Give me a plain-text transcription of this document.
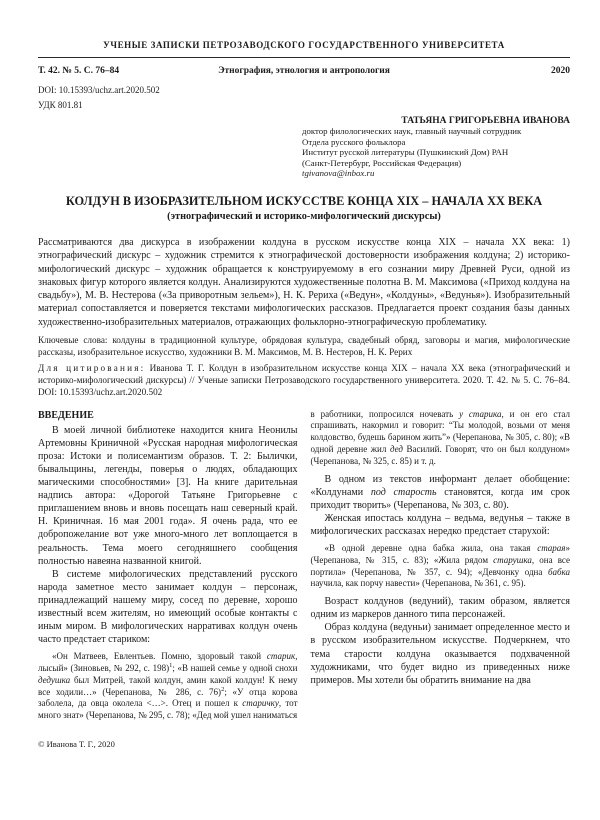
УЧЕНЫЕ ЗАПИСКИ ПЕТРОЗАВОДСКОГО ГОСУДАРСТВЕННОГО УНИВЕРСИТЕТА
Т. 42. № 5. С. 76–84	Этнография, этнология и антропология	2020
DOI: 10.15393/uchz.art.2020.502
УДК 801.81
ТАТЬЯНА ГРИГОРЬЕВНА ИВАНОВА
доктор филологических наук, главный научный сотрудник
Отдела русского фольклора
Институт русской литературы (Пушкинский Дом) РАН
(Санкт-Петербург, Российская Федерация)
tgivanova@inbox.ru
КОЛДУН В ИЗОБРАЗИТЕЛЬНОМ ИСКУССТВЕ КОНЦА XIX – НАЧАЛА XX ВЕКА
(этнографический и историко-мифологический дискурсы)
Рассматриваются два дискурса в изображении колдуна в русском искусстве конца XIX – начала XX века: 1) этнографический дискурс – художник стремится к этнографической достоверности изображения колдуна; 2) историко-мифологический дискурс – художник обращается к конструируемому в его сознании миру Древней Руси, одной из знаковых фигур которого является колдун. Анализируются художественные полотна В. М. Максимова («Приход колдуна на свадьбу»), М. В. Нестерова («За приворотным зельем»), Н. К. Рериха («Ведун», «Колдуны», «Ведунья»). Изобразительный материал сопоставляется и поверяется текстами мифологических рассказов. Предлагается проект создания базы данных художественно-изобразительных материалов, отражающих фольклорно-этнографическую проблематику.
Ключевые слова: колдуны в традиционной культуре, обрядовая культура, свадебный обряд, заговоры и магия, мифологические рассказы, изобразительное искусство, художники В. М. Максимов, М. В. Нестеров, Н. К. Рерих
Для цитирования: Иванова Т. Г. Колдун в изобразительном искусстве конца XIX – начала XX века (этнографический и историко-мифологический дискурсы) // Ученые записки Петрозаводского государственного университета. 2020. Т. 42. № 5. С. 76–84. DOI: 10.15393/uchz.art.2020.502
ВВЕДЕНИЕ

В моей личной библиотеке находится книга Неонилы Артемовны Криничной «Русская народная мифологическая проза: Истоки и полисемантизм образов. Т. 2: Былички, бывальщины, легенды, поверья о людях, обладающих магическими способностями» [3]. На книге дарительная надпись автора: «Дорогой Татьяне Григорьевне с приглашением вновь и вновь посещать наш северный край. Н. Криничная. 16 мая 2001 года». Я очень рада, что ее добропожелание вот уже много-много лет воплощается в реальность. Тема моего сегодняшнего сообщения полностью навеяна названной книгой.

В системе мифологических представлений русского народа заметное место занимает колдун – персонаж, принадлежащий нашему миру, сосед по деревне, хорошо известный всем жителям, но имеющий особые контакты с иным миром. В мифологических нарративах колдун очень часто предстает стариком:

«Он Матвеев, Евлентьев. Помню, здоровый такой старик, лысый» (Зиновьев, № 292, с. 198)$^1$; «В нашей семье у одной снохи дедушка был Митрей, такой колдун, амин какой колдун! К нему все ходили…» (Черепанова, № 286, с. 76)$^2$; «У отца корова заболела, да овца околела <…>. Отец и пошел к старичку, тот много знат» (Черепанова, № 295, с. 78); «Дед мой ушел наниматься

© Иванова Т. Г., 2020

в работники, попросился ночевать у старика, и он его стал спрашивать, накормил и говорит: “Ты молодой, возьми от меня колдовство, будешь барином жить”» (Черепанова, № 305, с. 80); «В одной деревне жил дед Василий. Говорят, что он был колдуном» (Черепанова, № 325, с. 85) и т. д.

В одном из текстов информант делает обобщение: «Колдунами под старость становятся, когда им срок приходит творить» (Черепанова, № 303, с. 80).

Женская ипостась колдуна – ведьма, ведунья – также в мифологических рассказах нередко предстает старухой:

«В одной деревне одна бабка жила, она такая старая» (Черепанова, № 315, с. 83); «Жила рядом старушка, она все портила» (Черепанова, № 357, с. 94); «Девчонку одна бабка научила, как порчу навести» (Черепанова, № 361, с. 95).

Возраст колдунов (ведуний), таким образом, является одним из маркеров данного типа персонажей.

Образ колдуна (ведуньи) занимает определенное место и в русском изобразительном искусстве. Подчеркнем, что тема старости колдуна оказывается подхваченной художниками, что будет видно из приведенных ниже примеров. Мы хотели бы обратить внимание на два
